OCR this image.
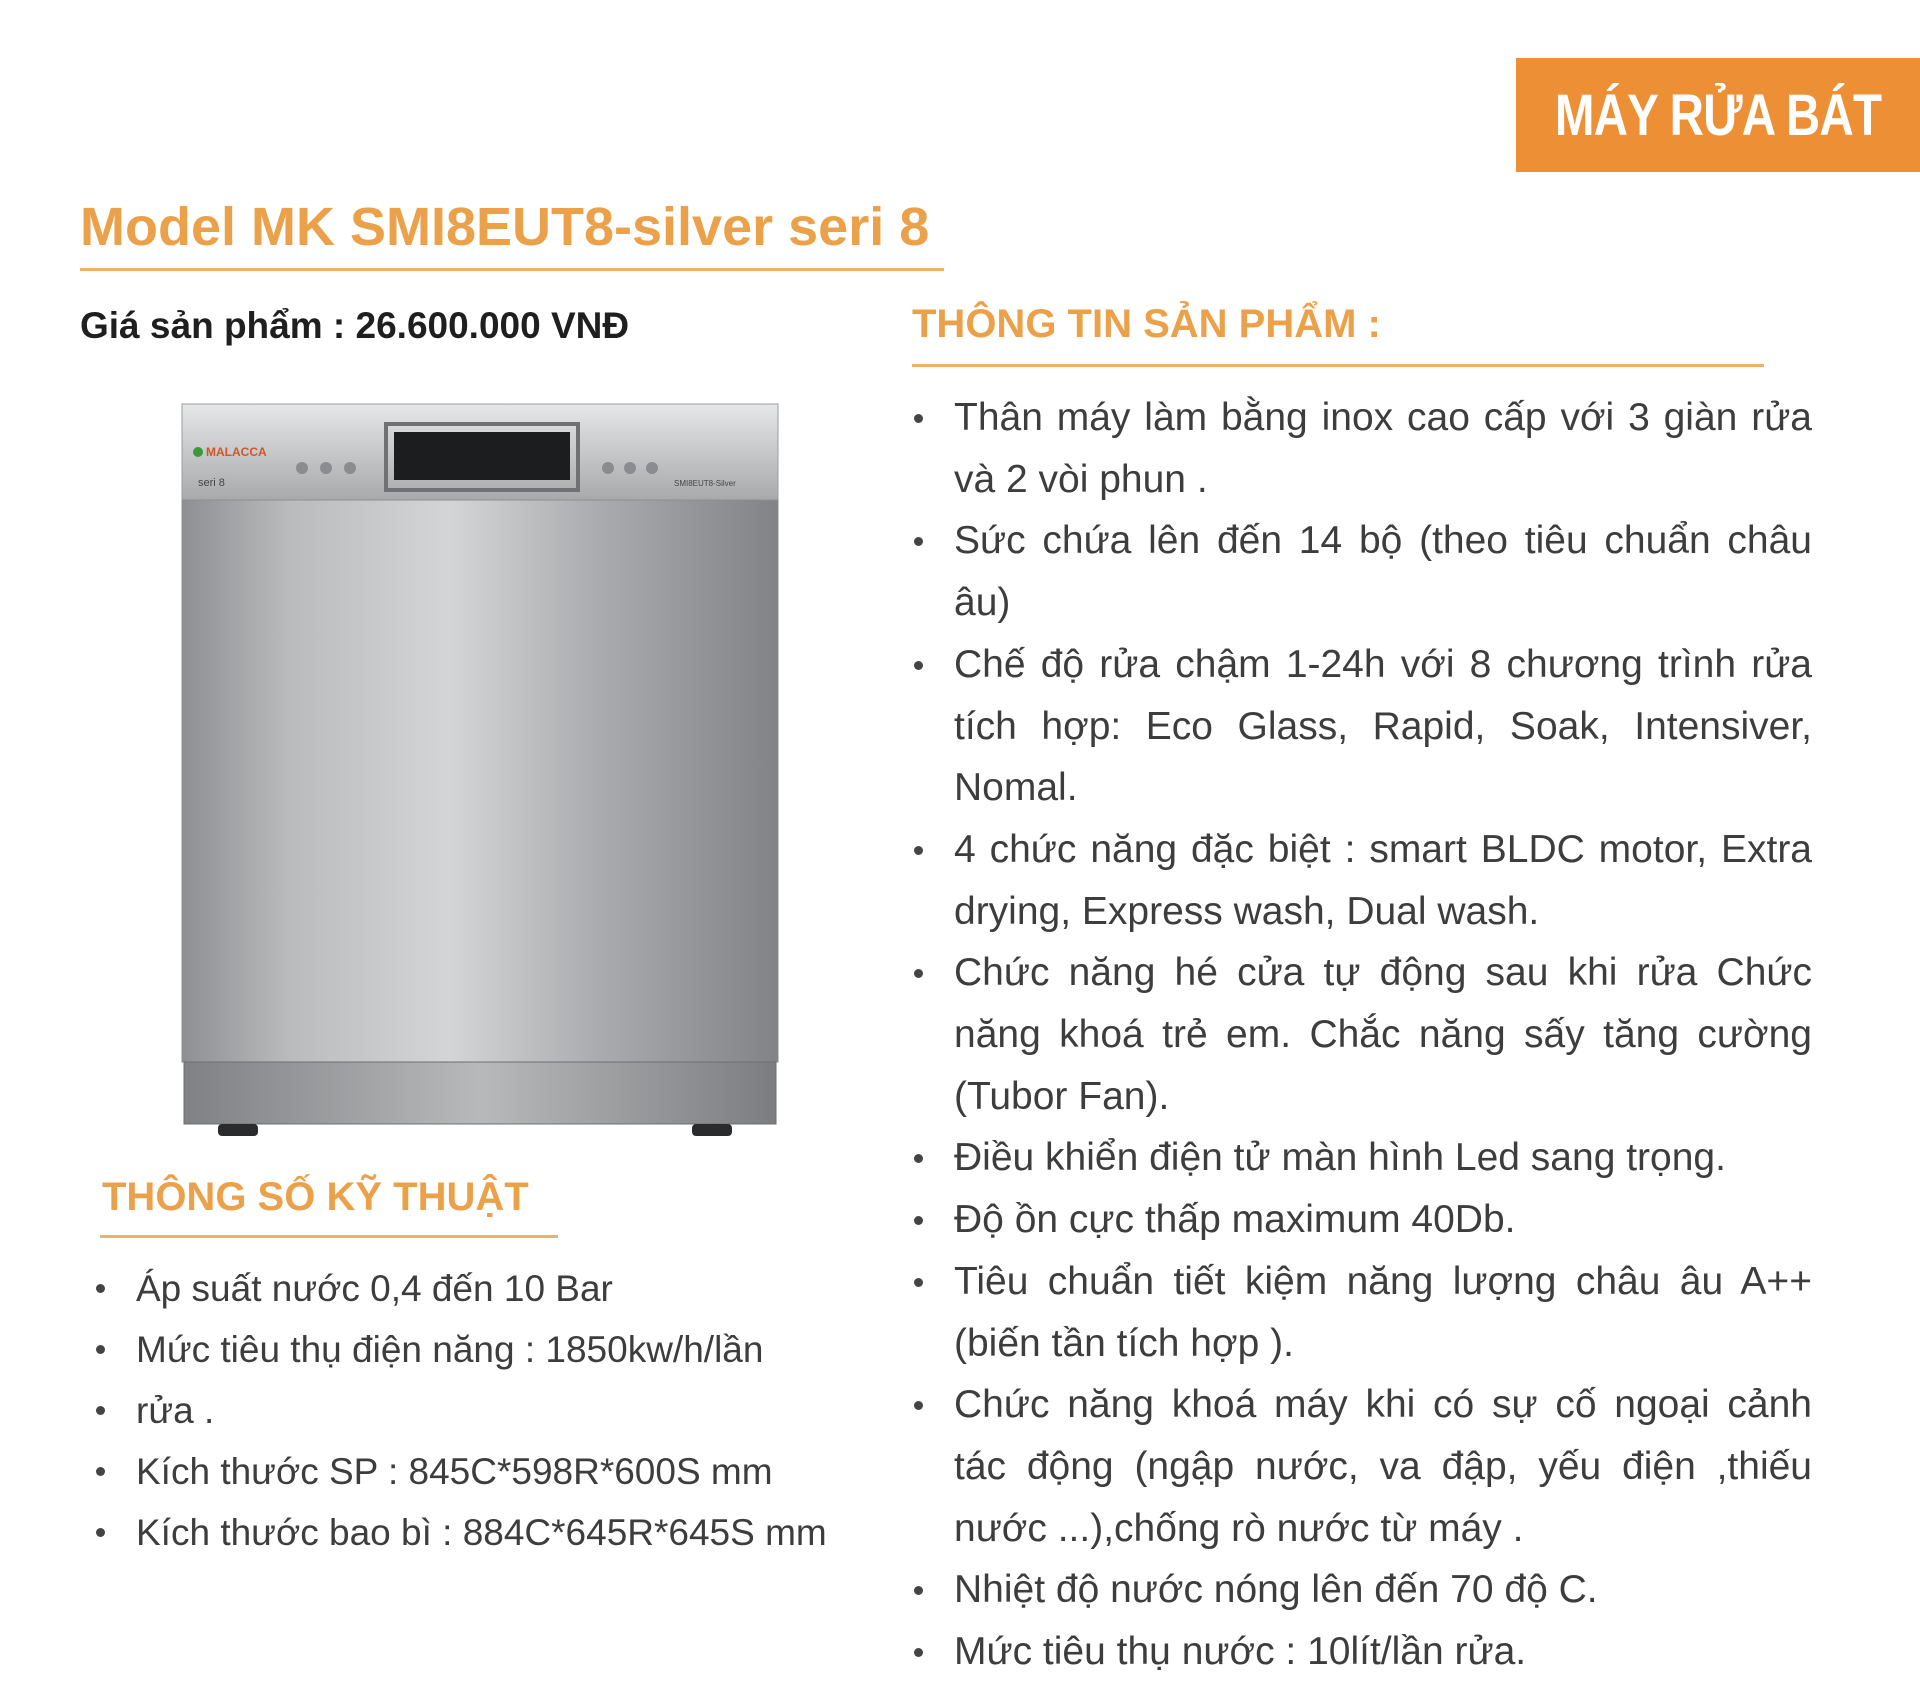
MÁY RỬA BÁT
Model MK SMI8EUT8-silver seri 8
Giá sản phẩm : 26.600.000 VNĐ	THÔNG TIN SẢN PHẨM :
MALACCA
seri 8	SMI8EUT8-Silver
THÔNG SỐ KỸ THUẬT
Áp suất nước 0,4 đến 10 Bar
Mức tiêu thụ điện năng : 1850kw/h/lần
rửa .
Kích thước SP : 845C*598R*600S mm
Kích thước bao bì : 884C*645R*645S mm
Thân máy làm bằng inox cao cấp với 3 giàn rửa và 2 vòi phun .
Sức chứa lên đến 14 bộ (theo tiêu chuẩn châu âu)
Chế độ rửa chậm 1-24h với 8 chương trình rửa tích hợp: Eco Glass, Rapid, Soak, Intensiver, Nomal.
4 chức năng đặc biệt : smart BLDC motor, Extra drying, Express wash, Dual wash.
Chức năng hé cửa tự động sau khi rửa Chức năng khoá trẻ em. Chắc năng sấy tăng cường (Tubor Fan).
Điều khiển điện tử màn hình Led sang trọng.
Độ ồn cực thấp maximum 40Db.
Tiêu chuẩn tiết kiệm năng lượng châu âu A++ (biến tần tích hợp ).
Chức năng khoá máy khi có sự cố ngoại cảnh tác động (ngập nước, va đập, yếu điện ,thiếu nước ...),chống rò nước từ máy .
Nhiệt độ nước nóng lên đến 70 độ C.
Mức tiêu thụ nước : 10lít/lần rửa.
